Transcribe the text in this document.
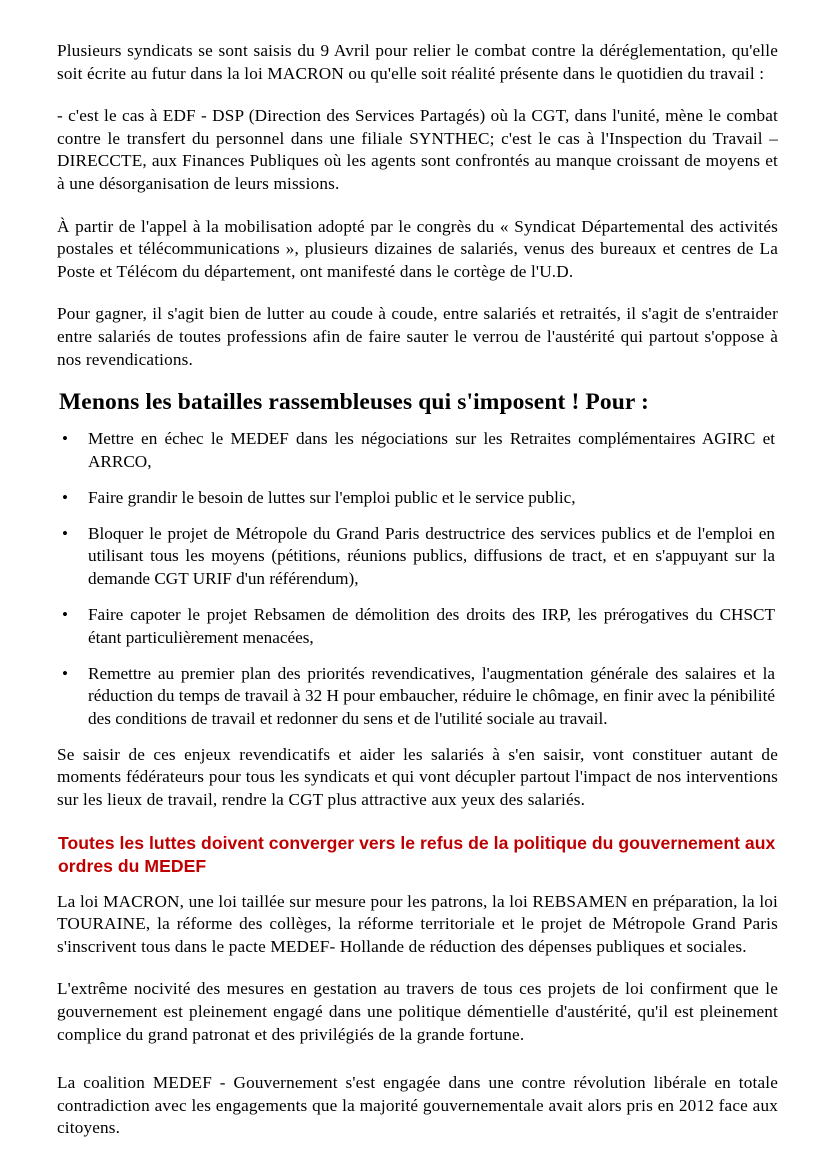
Plusieurs syndicats se sont saisis du 9 Avril pour relier le combat contre la déréglementation, qu'elle soit écrite au futur dans la loi MACRON ou qu'elle soit réalité présente dans le quotidien du travail :

- c'est le cas à EDF - DSP (Direction des Services Partagés) où la CGT, dans l'unité, mène le combat contre le transfert du personnel dans une filiale SYNTHEC; c'est le cas à l'Inspection du Travail –DIRECCTE, aux Finances Publiques où les agents sont confrontés au manque croissant de moyens et à une désorganisation de leurs missions.

À partir de l'appel à la mobilisation adopté par le congrès du « Syndicat Départemental des activités postales et télécommunications », plusieurs dizaines de salariés, venus des bureaux et centres de La Poste et Télécom du département, ont manifesté dans le cortège de l'U.D.

Pour gagner, il s'agit bien de lutter au coude à coude, entre salariés et retraités, il s'agit de s'entraider entre salariés de toutes professions afin de faire sauter le verrou de l'austérité qui partout s'oppose à nos revendications.

Menons les batailles rassembleuses qui s'imposent ! Pour :
• Mettre en échec le MEDEF dans les négociations sur les Retraites complémentaires AGIRC et ARRCO,
• Faire grandir le besoin de luttes sur l'emploi public et le service public,
• Bloquer le projet de Métropole du Grand Paris destructrice des services publics et de l'emploi en utilisant tous les moyens (pétitions, réunions publics, diffusions de tract, et en s'appuyant sur la demande CGT URIF d'un référendum),
• Faire capoter le projet Rebsamen de démolition des droits des IRP, les prérogatives du CHSCT étant particulièrement menacées,
• Remettre au premier plan des priorités revendicatives, l'augmentation générale des salaires et la réduction du temps de travail à 32 H pour embaucher, réduire le chômage, en finir avec la pénibilité des conditions de travail et redonner du sens et de l'utilité sociale au travail.

Se saisir de ces enjeux revendicatifs et aider les salariés à s'en saisir, vont constituer autant de moments fédérateurs pour tous les syndicats et qui vont décupler partout l'impact de nos interventions sur les lieux de travail, rendre la CGT plus attractive aux yeux des salariés.

Toutes les luttes doivent converger vers le refus de la politique du gouvernement aux ordres du MEDEF

La loi MACRON, une loi taillée sur mesure pour les patrons, la loi REBSAMEN en préparation, la loi TOURAINE, la réforme des collèges, la réforme territoriale et le projet de Métropole Grand Paris s'inscrivent tous dans le pacte MEDEF- Hollande de réduction des dépenses publiques et sociales.

L'extrême nocivité des mesures en gestation au travers de tous ces projets de loi confirment que le gouvernement est pleinement engagé dans une politique démentielle d'austérité, qu'il est pleinement complice du grand patronat et des privilégiés de la grande fortune.

La coalition MEDEF - Gouvernement s'est engagée dans une contre révolution libérale en totale contradiction avec les engagements que la majorité gouvernementale avait alors pris en 2012 face aux citoyens.
